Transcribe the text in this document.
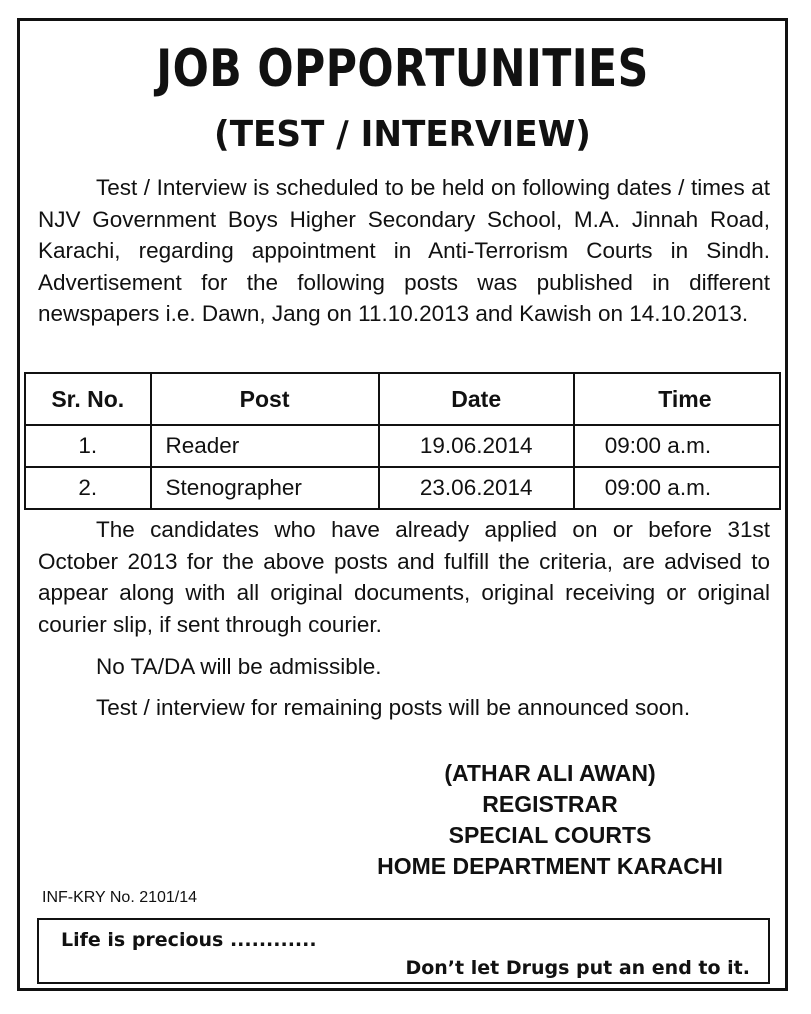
JOB OPPORTUNITIES
(TEST / INTERVIEW)

Test / Interview is scheduled to be held on following dates / times at NJV Government Boys Higher Secondary School, M.A. Jinnah Road, Karachi, regarding appointment in Anti-Terrorism Courts in Sindh. Advertisement for the following posts was published in different newspapers i.e. Dawn, Jang on 11.10.2013 and Kawish on 14.10.2013.

Sr. No.	Post	Date	Time
1.	Reader	19.06.2014	09:00 a.m.
2.	Stenographer	23.06.2014	09:00 a.m.

The candidates who have already applied on or before 31st October 2013 for the above posts and fulfill the criteria, are advised to appear along with all original documents, original receiving or original courier slip, if sent through courier.

No TA/DA will be admissible.

Test / interview for remaining posts will be announced soon.

(ATHAR ALI AWAN)
REGISTRAR
SPECIAL COURTS
HOME DEPARTMENT KARACHI
INF-KRY No. 2101/14
Life is precious ............
Don’t let Drugs put an end to it.
